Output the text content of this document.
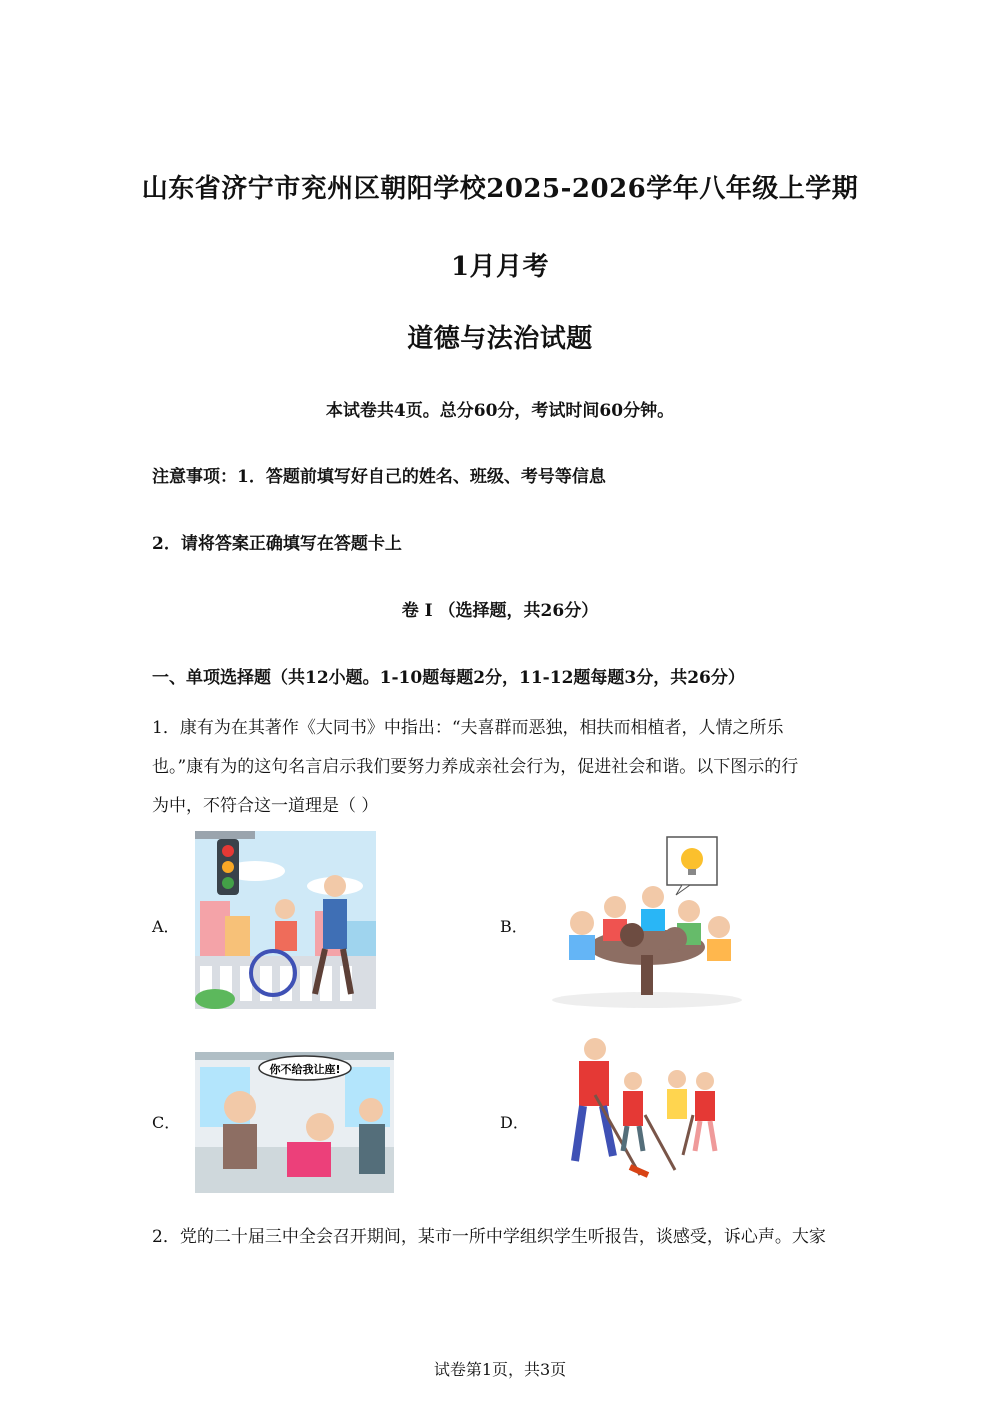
山东省济宁市兖州区朝阳学校2025-2026学年八年级上学期
1月月考
道德与法治试题
本试卷共4页。总分60分，考试时间60分钟。
注意事项：1．答题前填写好自己的姓名、班级、考号等信息
2．请将答案正确填写在答题卡上
卷 I （选择题，共26分）
一、单项选择题（共12小题。1-10题每题2分，11-12题每题3分，共26分）
1．康有为在其著作《大同书》中指出：“夫喜群而恶独，相扶而相植者，人情之所乐
也。”康有为的这句名言启示我们要努力养成亲社会行为，促进社会和谐。以下图示的行
为中，不符合这一道理是（ ）
A．	B．
C．
你不给我让座!
D．
2．党的二十届三中全会召开期间，某市一所中学组织学生听报告，谈感受，诉心声。大家
试卷第1页，共3页
